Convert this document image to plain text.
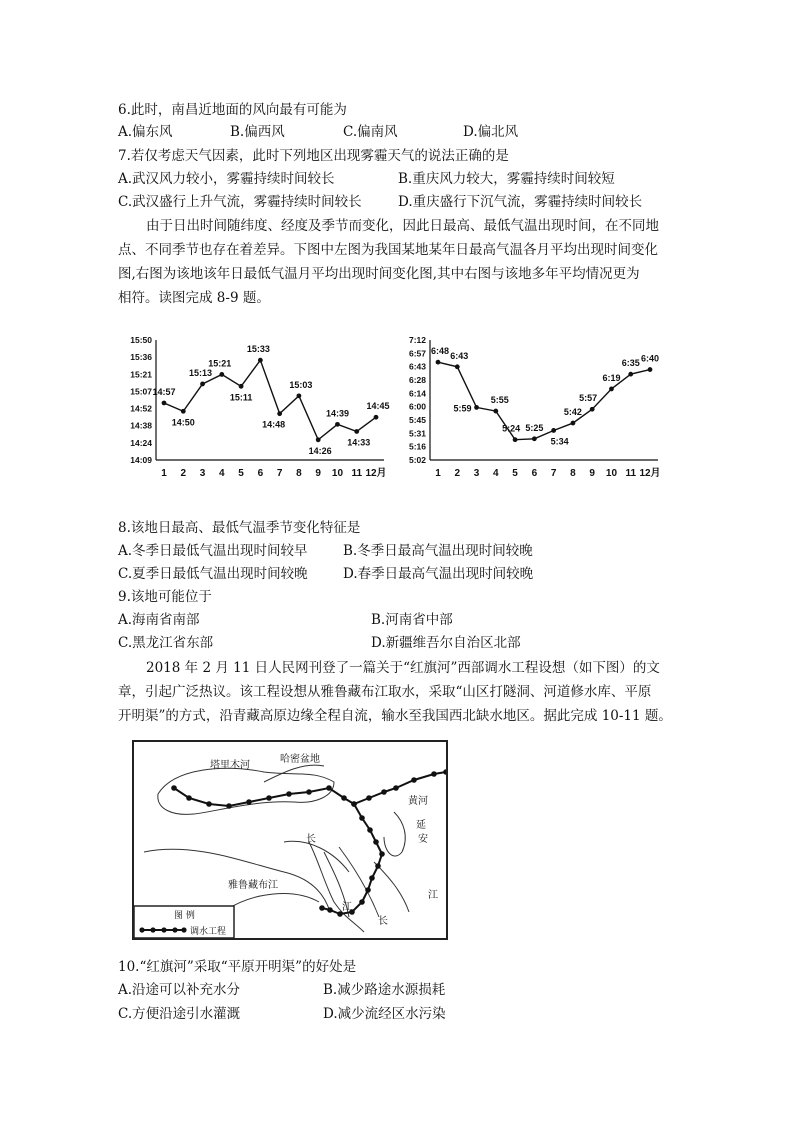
6.此时，南昌近地面的风向最有可能为
A.偏东风	B.偏西风	C.偏南风	D.偏北风
7.若仅考虑天气因素，此时下列地区出现雾霾天气的说法正确的是
A.武汉风力较小，雾霾持续时间较长	B.重庆风力较大，雾霾持续时间较短
C.武汉盛行上升气流，雾霾持续时间较长	D.重庆盛行下沉气流，雾霾持续时间较长
由于日出时间随纬度、经度及季节而变化，因此日最高、最低气温出现时间，在不同地
点、不同季节也存在着差异。下图中左图为我国某地某年日最高气温各月平均出现时间变化
图,右图为该地该年日最低气温月平均出现时间变化图,其中右图与该地多年平均情况更为
相符。读图完成 8-9 题。
15:50
15:36
15:21
15:07
14:52
14:38
14:24
14:09
1 2 3 4 5 6 7 8 9 10 11 12月
14:57
14:50
15:13
15:21
15:11
15:33
14:48
15:03
14:26
14:39
14:33
14:45
7:12
6:57
6:43
6:28
6:14
6:00
5:45
5:31
5:16
5:02
1 2 3 4 5 6 7 8 9 10 11 12月
6:48 6:43
5:59
5:55
5:24 5:25
5:34
5:42
5:57
6:19
6:35 6:40
8.该地日最高、最低气温季节变化特征是
A.冬季日最低气温出现时间较早	B.冬季日最高气温出现时间较晚
C.夏季日最低气温出现时间较晚	D.春季日最高气温出现时间较晚
9.该地可能位于
A.海南省南部	B.河南省中部
C.黑龙江省东部	D.新疆维吾尔自治区北部
2018 年 2 月 11 日人民网刊登了一篇关于“红旗河”西部调水工程设想（如下图）的文
章，引起广泛热议。该工程设想从雅鲁藏布江取水，采取“山区打隧洞、河道修水库、平原
开明渠”的方式，沿青藏高原边缘全程自流，输水至我国西北缺水地区。据此完成 10-11 题。
塔里木河
哈密盆地
黄河
延
安
长
雅鲁藏布江
江
江
长
图 例
调水工程
10.“红旗河”采取“平原开明渠”的好处是
A.沿途可以补充水分	B.减少路途水源损耗
C.方便沿途引水灌溉	D.减少流经区水污染
